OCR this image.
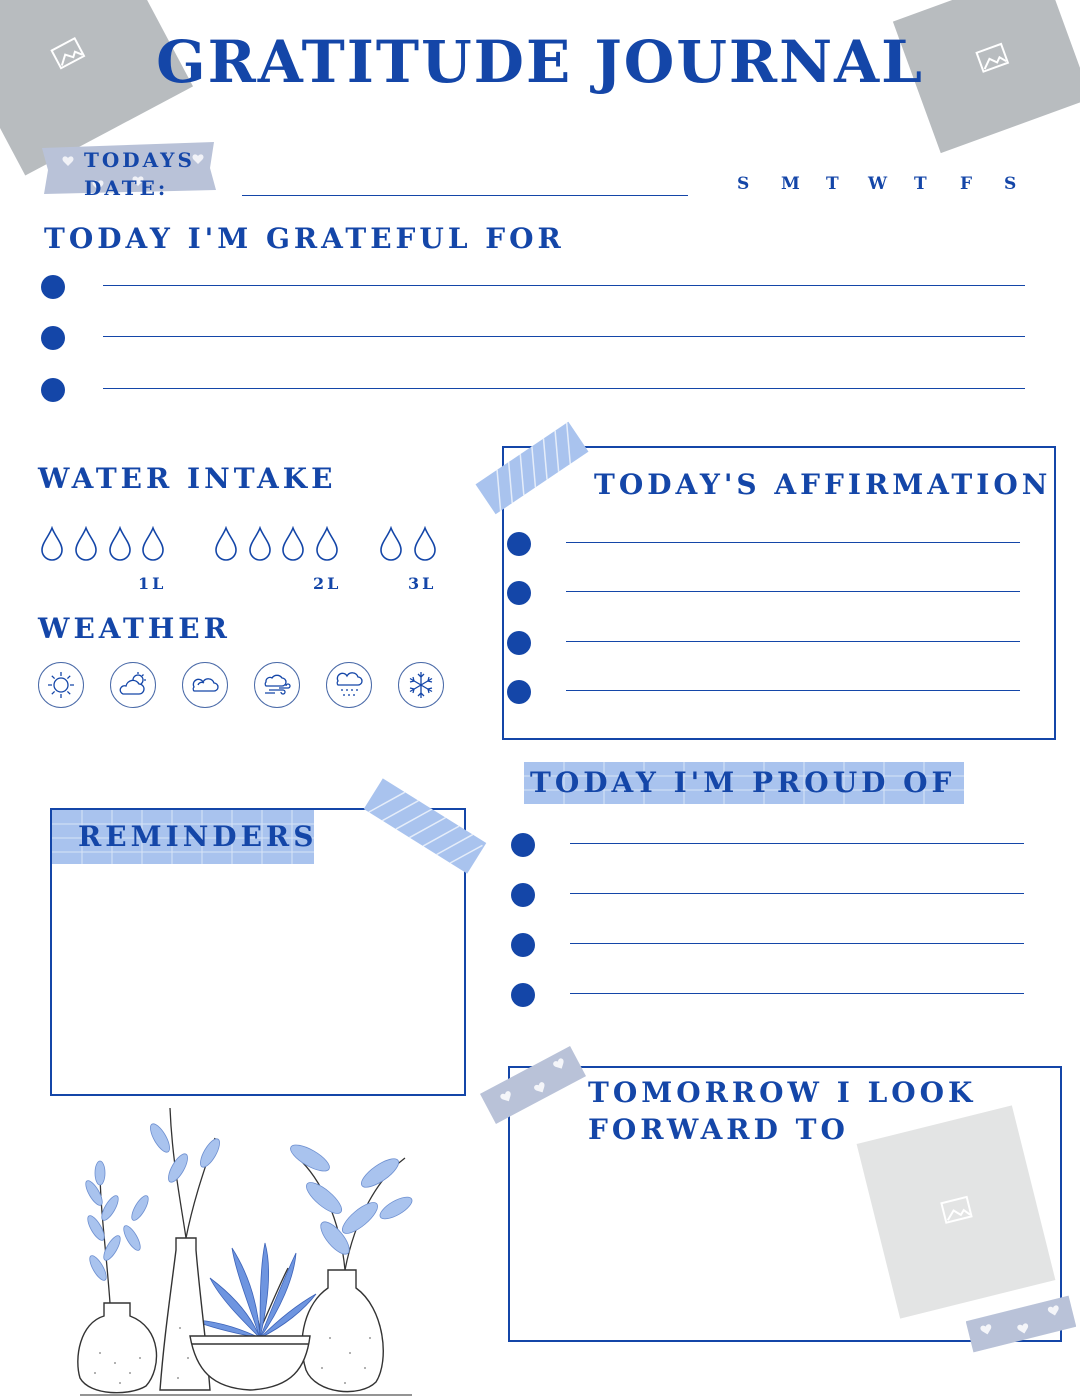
GRATITUDE JOURNAL
TODAYS
DATE:	S M T W T F S
TODAY I'M GRATEFUL FOR
WATER INTAKE
1L	2L	3L
WEATHER
TODAY'S AFFIRMATION
TODAY I'M PROUD OF
REMINDERS
TOMORROW I LOOK
FORWARD TO
